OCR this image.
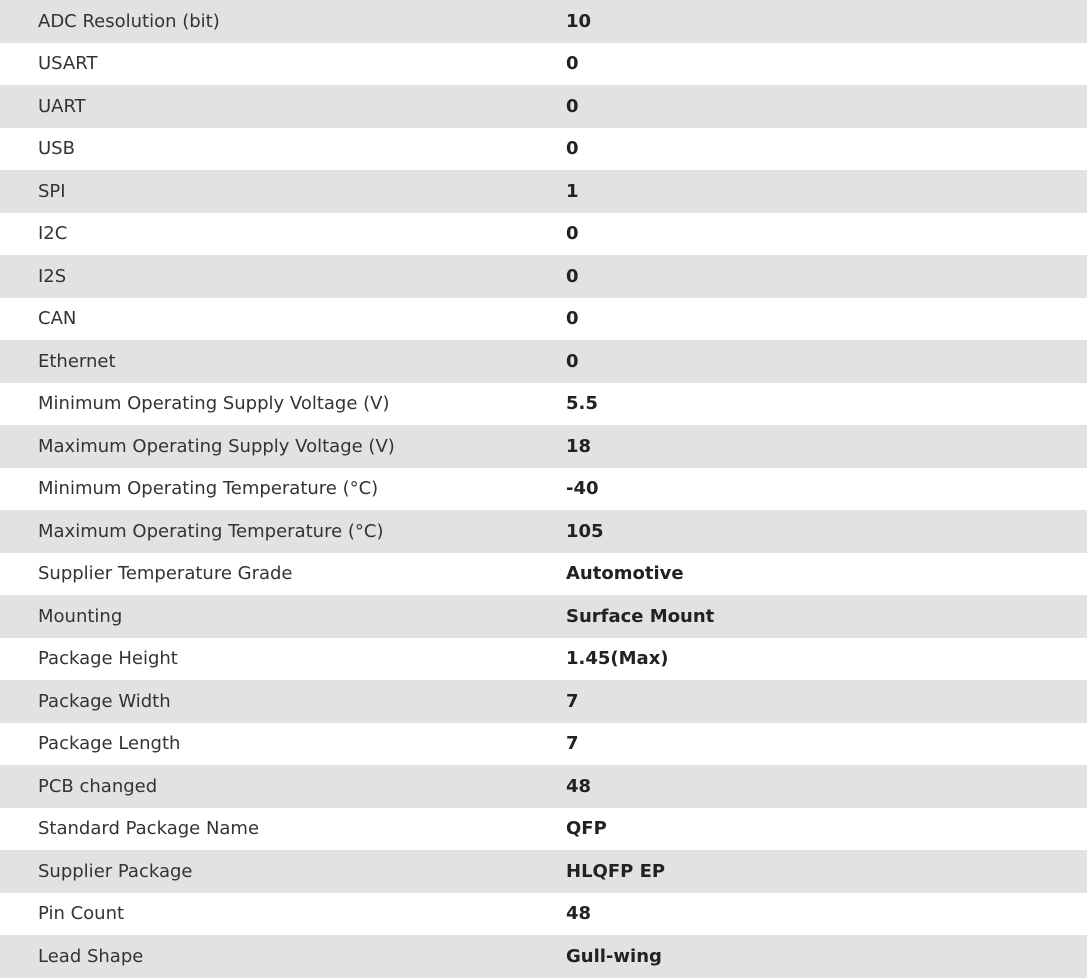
ADC Resolution (bit)	10
USART	0
UART	0
USB	0
SPI	1
I2C	0
I2S	0
CAN	0
Ethernet	0
Minimum Operating Supply Voltage (V)	5.5
Maximum Operating Supply Voltage (V)	18
Minimum Operating Temperature (°C)	-40
Maximum Operating Temperature (°C)	105
Supplier Temperature Grade	Automotive
Mounting	Surface Mount
Package Height	1.45(Max)
Package Width	7
Package Length	7
PCB changed	48
Standard Package Name	QFP
Supplier Package	HLQFP EP
Pin Count	48
Lead Shape	Gull-wing
